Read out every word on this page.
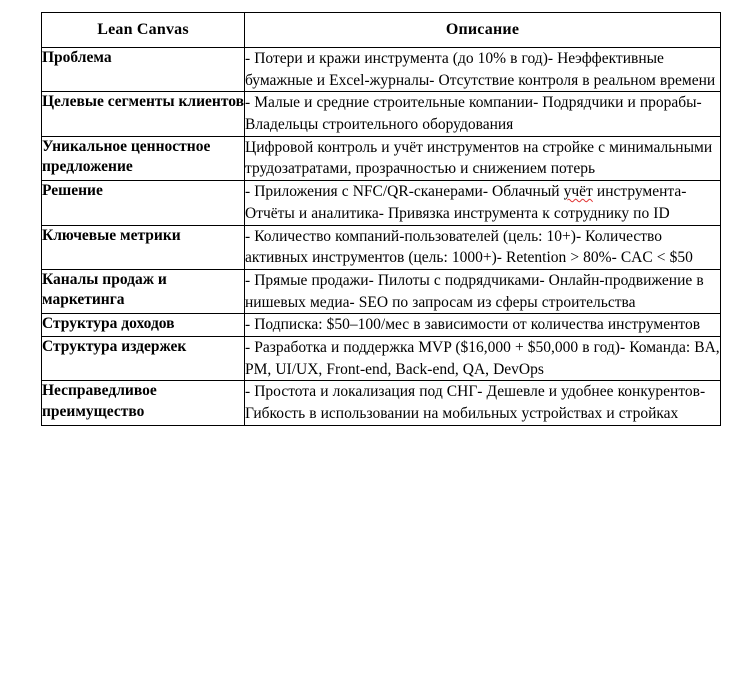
Lean Canvas	Описание

Проблема	- Потери и кражи инструмента (до 10% в год)- Неэффективные бумажные и Excel-журналы- Отсутствие контроля в реальном времени

Целевые сегменты клиентов	- Малые и средние строительные компании- Подрядчики и прорабы- Владельцы строительного оборудования

Уникальное ценностное предложение	Цифровой контроль и учёт инструментов на стройке с минимальными трудозатратами, прозрачностью и снижением потерь

Решение	- Приложения с NFC/QR-сканерами- Облачный учёт инструмента- Отчёты и аналитика- Привязка инструмента к сотруднику по ID

Ключевые метрики	- Количество компаний-пользователей (цель: 10+)- Количество активных инструментов (цель: 1000+)- Retention > 80%- CAC < $50

Каналы продаж и маркетинга	- Прямые продажи- Пилоты с подрядчиками- Онлайн-продвижение в нишевых медиа- SEO по запросам из сферы строительства

Структура доходов	- Подписка: $50–100/мес в зависимости от количества инструментов

Структура издержек	- Разработка и поддержка MVP ($16,000 + $50,000 в год)- Команда: BA, PM, UI/UX, Front-end, Back-end, QA, DevOps

Несправедливое преимущество	- Простота и локализация под СНГ- Дешевле и удобнее конкурентов- Гибкость в использовании на мобильных устройствах и стройках
